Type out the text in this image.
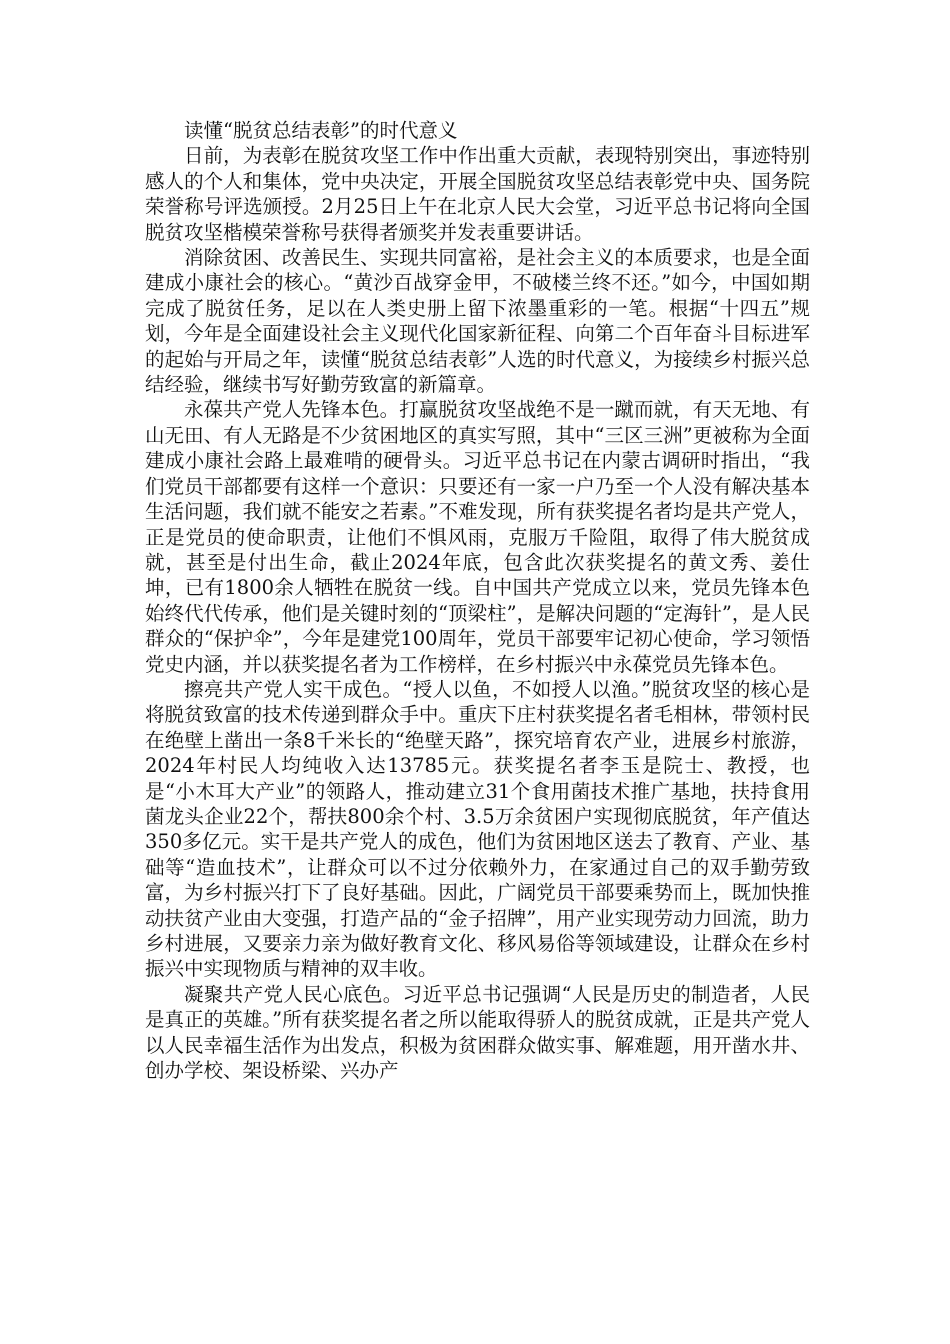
读懂“脱贫总结表彰”的时代意义

日前，为表彰在脱贫攻坚工作中作出重大贡献，表现特别突出，事迹特别感人的个人和集体，党中央决定，开展全国脱贫攻坚总结表彰党中央、国务院荣誉称号评选颁授。2月25日上午在北京人民大会堂，习近平总书记将向全国脱贫攻坚楷模荣誉称号获得者颁奖并发表重要讲话。

消除贫困、改善民生、实现共同富裕，是社会主义的本质要求，也是全面建成小康社会的核心。“黄沙百战穿金甲，不破楼兰终不还。”如今，中国如期完成了脱贫任务，足以在人类史册上留下浓墨重彩的一笔。根据“十四五”规划，今年是全面建设社会主义现代化国家新征程、向第二个百年奋斗目标进军的起始与开局之年，读懂“脱贫总结表彰”人选的时代意义，为接续乡村振兴总结经验，继续书写好勤劳致富的新篇章。

永葆共产党人先锋本色。打赢脱贫攻坚战绝不是一蹴而就，有天无地、有山无田、有人无路是不少贫困地区的真实写照，其中“三区三洲”更被称为全面建成小康社会路上最难啃的硬骨头。习近平总书记在内蒙古调研时指出，“我们党员干部都要有这样一个意识：只要还有一家一户乃至一个人没有解决基本生活问题，我们就不能安之若素。”不难发现，所有获奖提名者均是共产党人，正是党员的使命职责，让他们不惧风雨，克服万千险阻，取得了伟大脱贫成就，甚至是付出生命，截止2024年底，包含此次获奖提名的黄文秀、姜仕坤，已有1800余人牺牲在脱贫一线。自中国共产党成立以来，党员先锋本色始终代代传承，他们是关键时刻的“顶梁柱”，是解决问题的“定海针”，是人民群众的“保护伞”，今年是建党100周年，党员干部要牢记初心使命，学习领悟党史内涵，并以获奖提名者为工作榜样，在乡村振兴中永葆党员先锋本色。

擦亮共产党人实干成色。“授人以鱼，不如授人以渔。”脱贫攻坚的核心是将脱贫致富的技术传递到群众手中。重庆下庄村获奖提名者毛相林，带领村民在绝壁上凿出一条8千米长的“绝壁天路”，探究培育农产业，进展乡村旅游，2024年村民人均纯收入达13785元。获奖提名者李玉是院士、教授，也是“小木耳大产业”的领路人，推动建立31个食用菌技术推广基地，扶持食用菌龙头企业22个，帮扶800余个村、3.5万余贫困户实现彻底脱贫，年产值达350多亿元。实干是共产党人的成色，他们为贫困地区送去了教育、产业、基础等“造血技术”，让群众可以不过分依赖外力，在家通过自己的双手勤劳致富，为乡村振兴打下了良好基础。因此，广阔党员干部要乘势而上，既加快推动扶贫产业由大变强，打造产品的“金子招牌”，用产业实现劳动力回流，助力乡村进展，又要亲力亲为做好教育文化、移风易俗等领域建设，让群众在乡村振兴中实现物质与精神的双丰收。

凝聚共产党人民心底色。习近平总书记强调“人民是历史的制造者，人民是真正的英雄。”所有获奖提名者之所以能取得骄人的脱贫成就，正是共产党人以人民幸福生活作为出发点，积极为贫困群众做实事、解难题，用开凿水井、创办学校、架设桥梁、兴办产
